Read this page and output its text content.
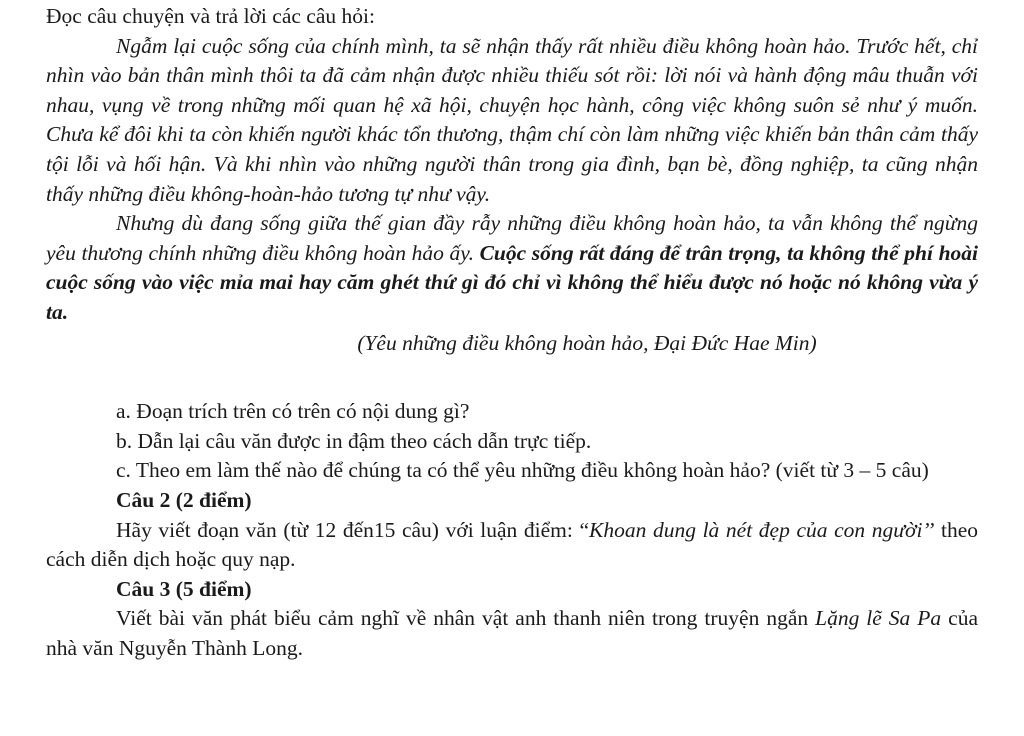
Đọc câu chuyện và trả lời các câu hỏi:

Ngẫm lại cuộc sống của chính mình, ta sẽ nhận thấy rất nhiều điều không hoàn hảo. Trước hết, chỉ nhìn vào bản thân mình thôi ta đã cảm nhận được nhiều thiếu sót rồi: lời nói và hành động mâu thuẫn với nhau, vụng về trong những mối quan hệ xã hội, chuyện học hành, công việc không suôn sẻ như ý muốn. Chưa kể đôi khi ta còn khiến người khác tổn thương, thậm chí còn làm những việc khiến bản thân cảm thấy tội lỗi và hối hận. Và khi nhìn vào những người thân trong gia đình, bạn bè, đồng nghiệp, ta cũng nhận thấy những điều không-hoàn-hảo tương tự như vậy.

Nhưng dù đang sống giữa thế gian đầy rẫy những điều không hoàn hảo, ta vẫn không thể ngừng yêu thương chính những điều không hoàn hảo ấy. Cuộc sống rất đáng để trân trọng, ta không thể phí hoài cuộc sống vào việc mỉa mai hay căm ghét thứ gì đó chỉ vì không thể hiểu được nó hoặc nó không vừa ý ta.

(Yêu những điều không hoàn hảo, Đại Đức Hae Min)

a. Đoạn trích trên có trên có nội dung gì?

b. Dẫn lại câu văn được in đậm theo cách dẫn trực tiếp.

c. Theo em làm thế nào để chúng ta có thể yêu những điều không hoàn hảo? (viết từ 3 – 5 câu)

Câu 2 (2 điểm)

Hãy viết đoạn văn (từ 12 đến15 câu) với luận điểm: “Khoan dung là nét đẹp của con người’’ theo cách diễn dịch hoặc quy nạp.

Câu 3 (5 điểm)

Viết bài văn phát biểu cảm nghĩ về nhân vật anh thanh niên trong truyện ngắn Lặng lẽ Sa Pa của nhà văn Nguyễn Thành Long.
